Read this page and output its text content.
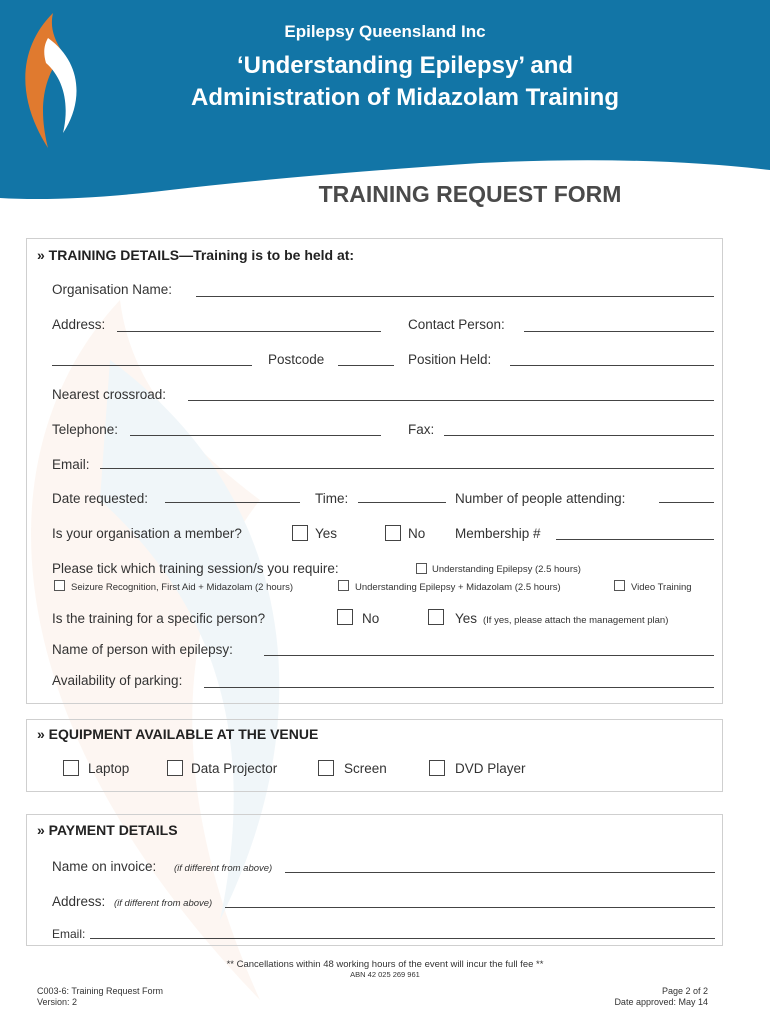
Epilepsy Queensland Inc
‘Understanding Epilepsy’ and
Administration of Midazolam Training
TRAINING REQUEST FORM
» TRAINING DETAILS—Training is to be held at:
Organisation Name:
Address:	Contact Person:
Postcode	Position Held:
Nearest crossroad:
Telephone:	Fax:
Email:
Date requested:	Time:	Number of people attending:
Is your organisation a member?	Yes	No Membership #
Please tick which training session/s you require:	Understanding Epilepsy (2.5 hours)
Seizure Recognition, First Aid + Midazolam (2 hours)	Understanding Epilepsy + Midazolam (2.5 hours)	Video Training
Is the training for a specific person?	No	Yes (If yes, please attach the management plan)
Name of person with epilepsy:
Availability of parking:
» EQUIPMENT AVAILABLE AT THE VENUE
Laptop	Data Projector	Screen	DVD Player
» PAYMENT DETAILS
Name on invoice: (if different from above)
Address: (if different from above)
Email:
** Cancellations within 48 working hours of the event will incur the full fee **
ABN 42 025 269 961
C003-6: Training Request Form
Version: 2
Page 2 of 2
Date approved: May 14
